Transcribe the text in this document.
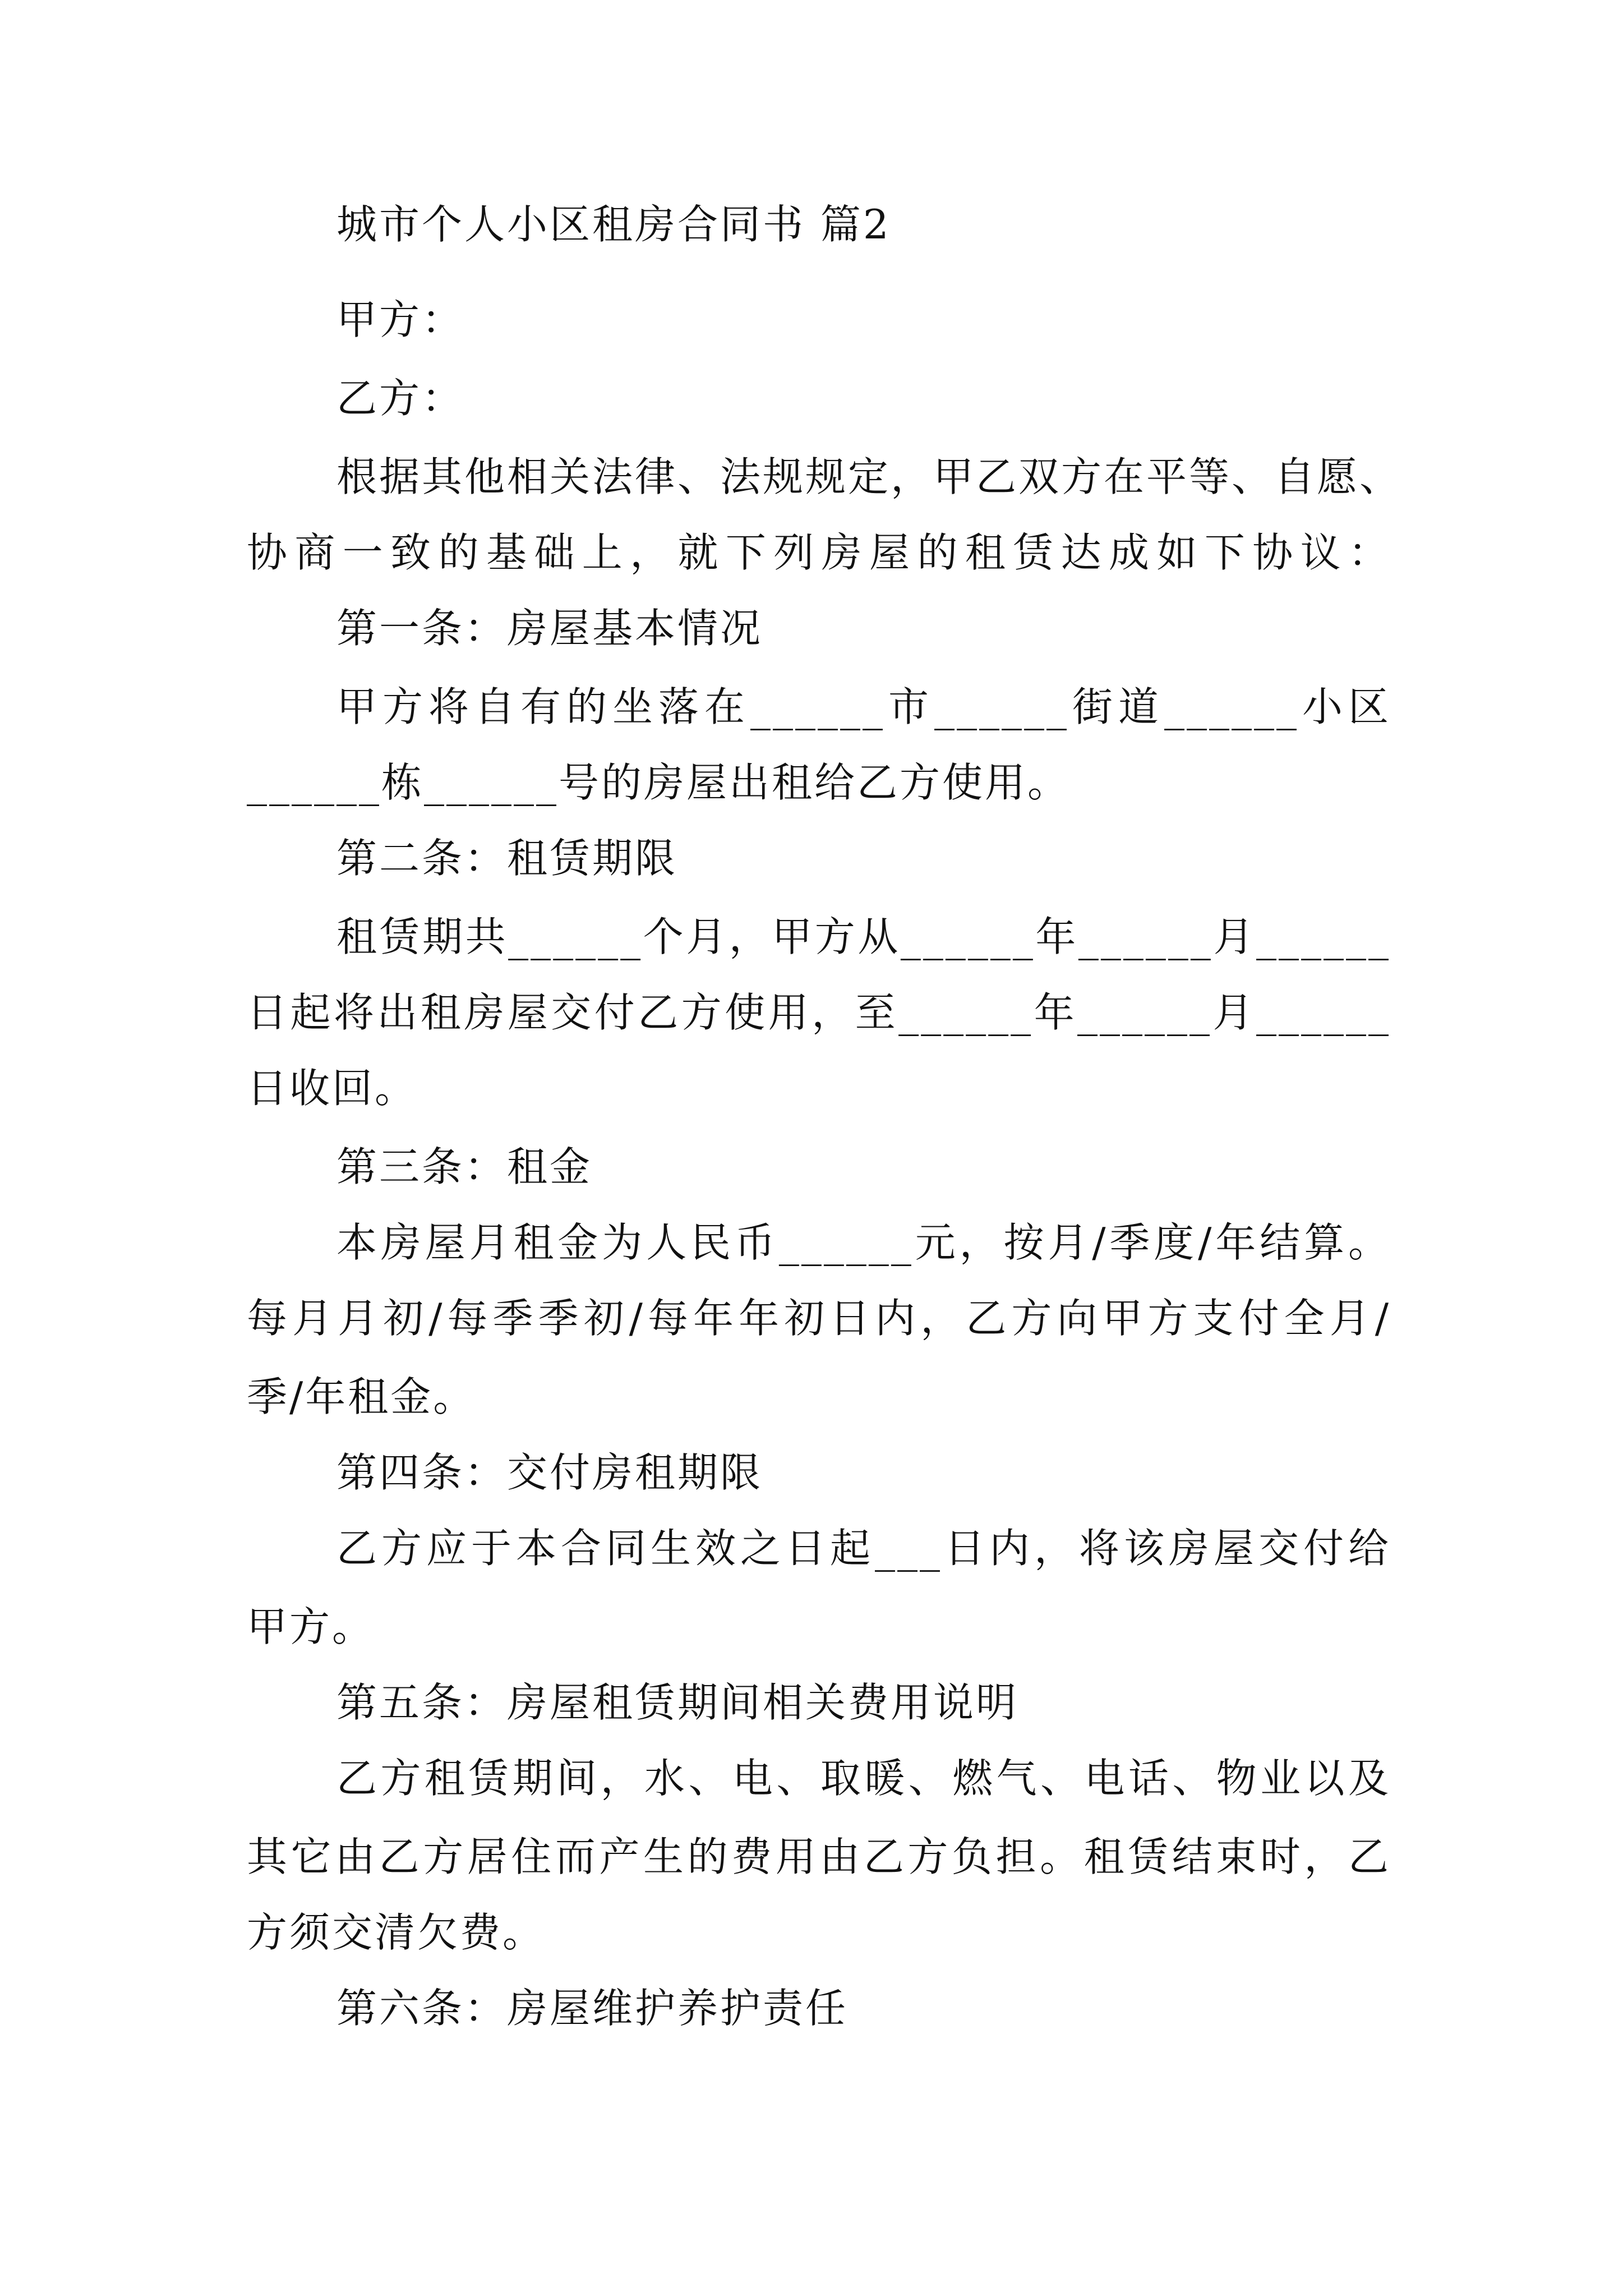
城市个人小区租房合同书 篇2
甲方：
乙方：
根据其他相关法律、法规规定，甲乙双方在平等、自愿、
协商一致的基础上，就下列房屋的租赁达成如下协议：
第一条：房屋基本情况
甲方将自有的坐落在______市______街道______小区
______栋______号的房屋出租给乙方使用。
第二条：租赁期限
租赁期共______个月，甲方从______年______月______
日起将出租房屋交付乙方使用，至______年______月______
日收回。
第三条：租金
本房屋月租金为人民币______元，按月/季度/年结算。
每月月初/每季季初/每年年初日内，乙方向甲方支付全月/
季/年租金。
第四条：交付房租期限
乙方应于本合同生效之日起___日内，将该房屋交付给
甲方。
第五条：房屋租赁期间相关费用说明
乙方租赁期间，水、电、取暖、燃气、电话、物业以及
其它由乙方居住而产生的费用由乙方负担。租赁结束时，乙
方须交清欠费。
第六条：房屋维护养护责任
